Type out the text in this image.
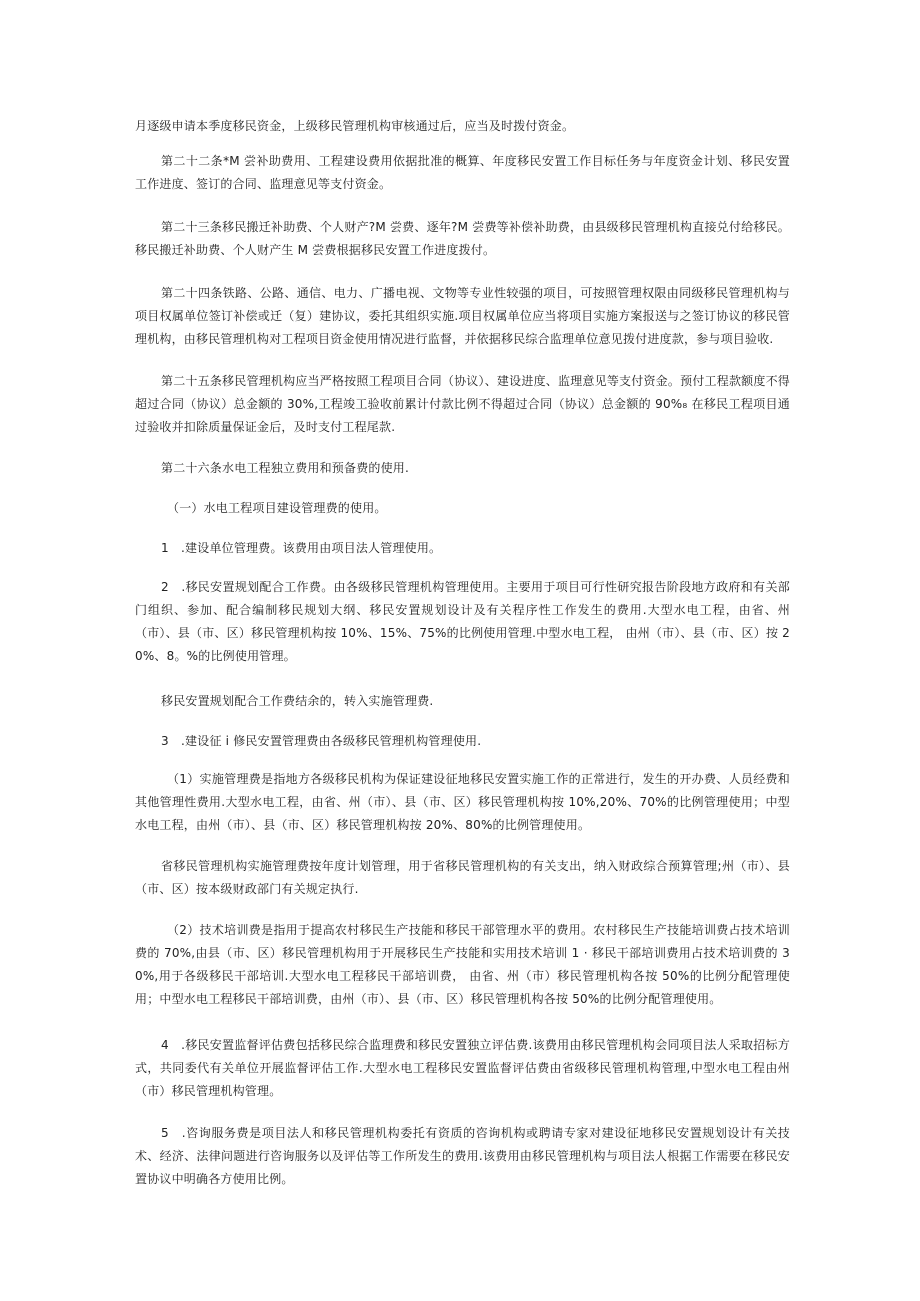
月逐级申请本季度移民资金，上级移民管理机构审核通过后，应当及时拨付资金。

第二十二条*M 尝补助费用、工程建设费用依据批准的概算、年度移民安置工作目标任务与年度资金计划、移民安置工作进度、签订的合同、监理意见等支付资金。

第二十三条移民搬迁补助费、个人财产?M 尝费、逐年?M 尝费等补偿补助费，由县级移民管理机构直接兑付给移民。移民搬迁补助费、个人财产生 M 尝费根据移民安置工作进度拨付。

第二十四条铁路、公路、通信、电力、广播电视、文物等专业性较强的项目，可按照管理权限由同级移民管理机构与项目权属单位签订补偿或迁（复）建协议，委托其组织实施.项目权属单位应当将项目实施方案报送与之签订协议的移民管理机构，由移民管理机构对工程项目资金使用情况进行监督，并依据移民综合监理单位意见拨付进度款，参与项目验收.

第二十五条移民管理机构应当严格按照工程项目合同（协议）、建设进度、监理意见等支付资金。预付工程款额度不得超过合同（协议）总金额的 30%,工程竣工验收前累计付款比例不得超过合同（协议）总金额的 90%₈ 在移民工程项目通过验收并扣除质量保证金后，及时支付工程尾款.

第二十六条水电工程独立费用和预备费的使用.

（一）水电工程项目建设管理费的使用。

1　.建设单位管理费。该费用由项目法人管理使用。

2　.移民安置规划配合工作费。由各级移民管理机构管理使用。主要用于项目可行性研究报告阶段地方政府和有关部门组织、参加、配合编制移民规划大纲、移民安置规划设计及有关程序性工作发生的费用.大型水电工程，由省、州（市）、县（市、区）移民管理机构按 10%、15%、75%的比例使用管理.中型水电工程， 由州（市）、县（市、区）按 20%、8。%的比例使用管理。

移民安置规划配合工作费结余的，转入实施管理费.

3　.建设征 i 修民安置管理费由各级移民管理机构管理使用.

（1）实施管理费是指地方各级移民机构为保证建设征地移民安置实施工作的正常进行，发生的开办费、人员经费和其他管理性费用.大型水电工程，由省、州（市）、县（市、区）移民管理机构按 10%,20%、70%的比例管理使用；中型水电工程，由州（市）、县（市、区）移民管理机构按 20%、80%的比例管理使用。

省移民管理机构实施管理费按年度计划管理，用于省移民管理机构的有关支出，纳入财政综合预算管理;州（市）、县（市、区）按本级财政部门有关规定执行.

（2）技术培训费是指用于提高农村移民生产技能和移民干部管理水平的费用。农村移民生产技能培训费占技术培训费的 70%,由县（市、区）移民管理机构用于开展移民生产技能和实用技术培训 1 · 移民干部培训费用占技术培训费的 30%,用于各级移民干部培训.大型水电工程移民干部培训费， 由省、州（市）移民管理机构各按 50%的比例分配管理使用；中型水电工程移民干部培训费，由州（市）、县（市、区）移民管理机构各按 50%的比例分配管理使用。

4　.移民安置监督评估费包括移民综合监理费和移民安置独立评估费.该费用由移民管理机构会同项目法人采取招标方式，共同委代有关单位开展监督评估工作.大型水电工程移民安置监督评估费由省级移民管理机构管理,中型水电工程由州（市）移民管理机构管理。

5　.咨询服务费是项目法人和移民管理机构委托有资质的咨询机构或聘请专家对建设征地移民安置规划设计有关技术、经济、法律问题进行咨询服务以及评估等工作所发生的费用.该费用由移民管理机构与项目法人根据工作需要在移民安置协议中明确各方使用比例。
